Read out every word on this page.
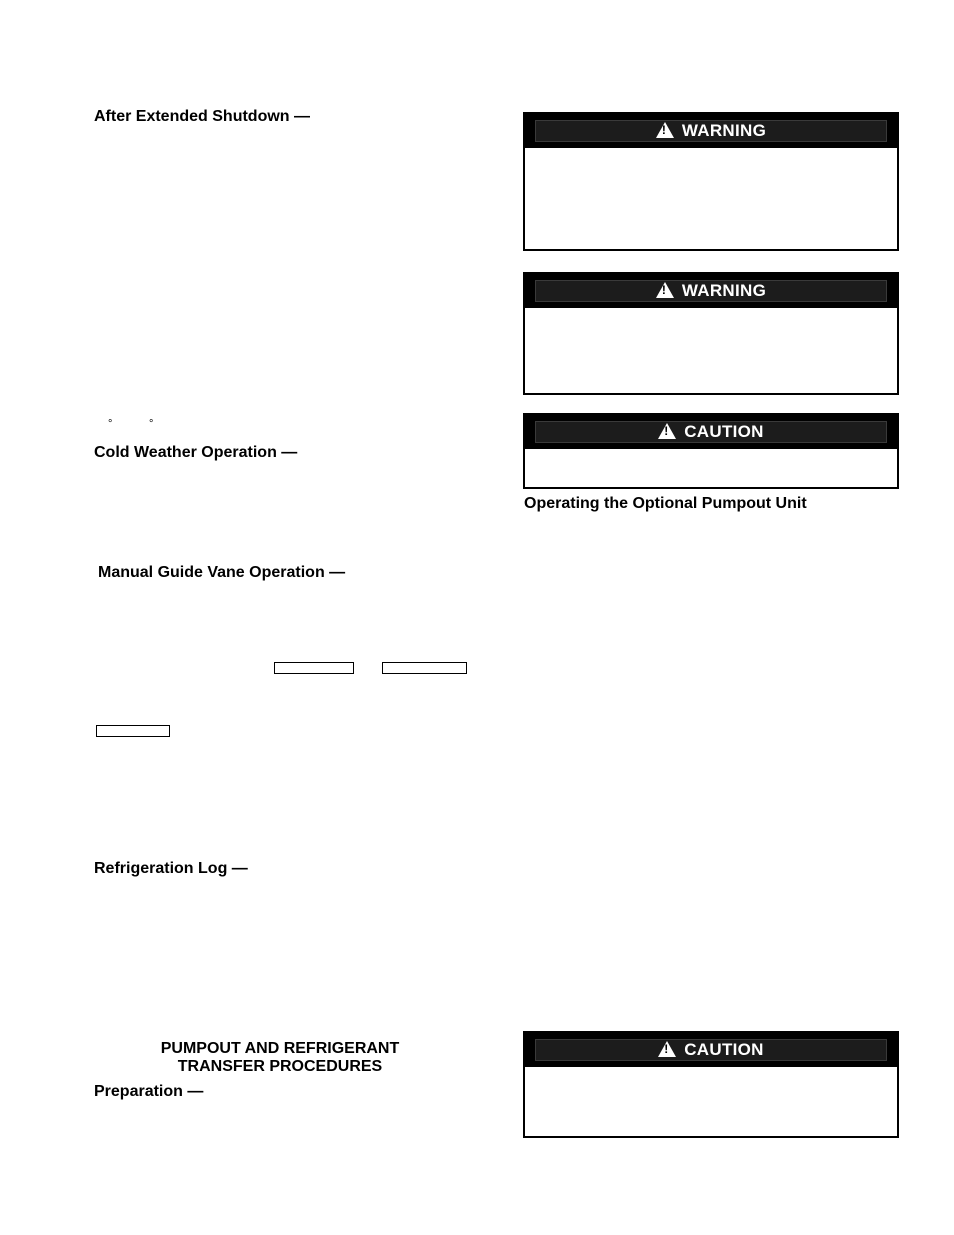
After Extended Shutdown —
°	°
Cold Weather Operation —
Manual Guide Vane Operation —
Refrigeration Log —
PUMPOUT AND REFRIGERANT
TRANSFER PROCEDURES
Preparation —
!WARNING
!WARNING
!CAUTION
Operating the Optional Pumpout Unit
!CAUTION
